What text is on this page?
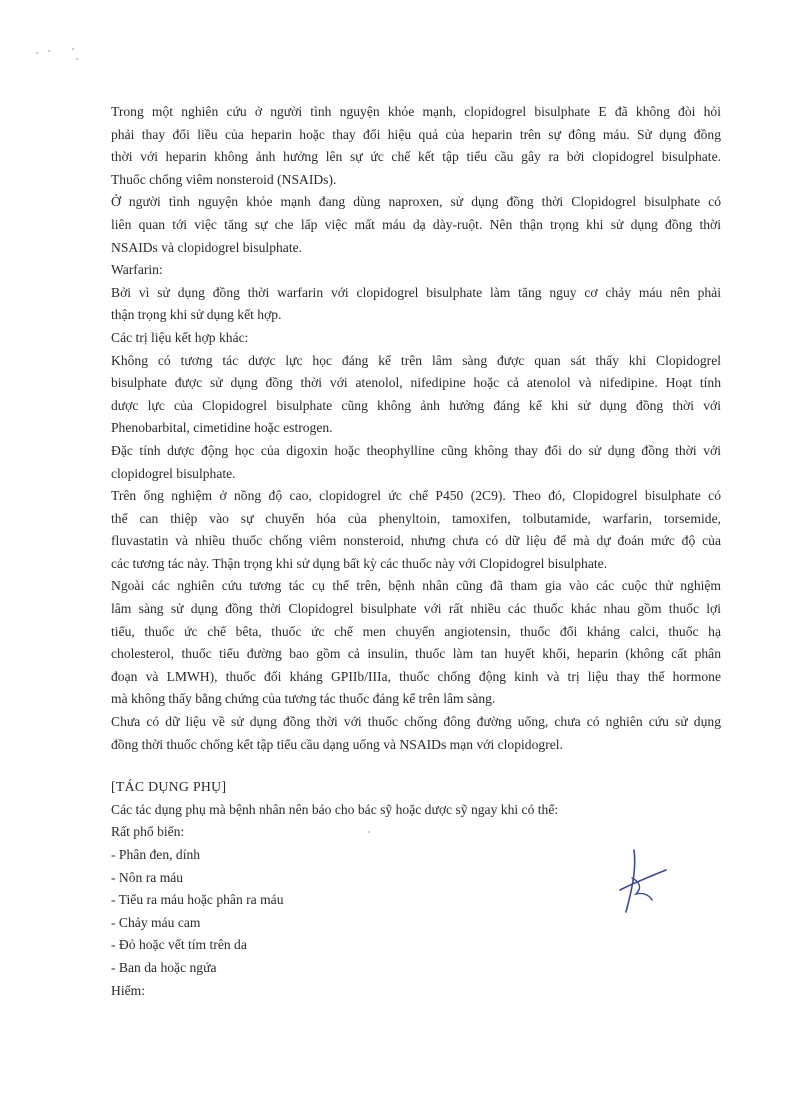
Trong một nghiên cứu ở người tình nguyện khỏe mạnh, clopidogrel bisulphate E đã không đòi hỏi
phải thay đổi liều của heparin hoặc thay đổi hiệu quả của heparin trên sự đông máu. Sử dụng đồng
thời với heparin không ảnh hưởng lên sự ức chế kết tập tiểu cầu gây ra bởi clopidogrel bisulphate.
Thuốc chống viêm nonsteroid (NSAIDs).
Ở người tình nguyện khỏe mạnh đang dùng naproxen, sử dụng đồng thời Clopidogrel bisulphate có
liên quan tới việc tăng sự che lấp việc mất máu dạ dày-ruột. Nên thận trọng khi sử dụng đồng thời
NSAIDs và clopidogrel bisulphate.
Warfarin:
Bởi vì sử dụng đồng thời warfarin với clopidogrel bisulphate làm tăng nguy cơ chảy máu nên phải
thận trọng khi sử dụng kết hợp.
Các trị liệu kết hợp khác:
Không có tương tác dược lực học đáng kể trên lâm sàng được quan sát thấy khi Clopidogrel
bisulphate được sử dụng đồng thời với atenolol, nifedipine hoặc cả atenolol và nifedipine. Hoạt tính
dược lực của Clopidogrel bisulphate cũng không ảnh hưởng đáng kể khi sử dụng đồng thời với
Phenobarbital, cimetidine hoặc estrogen.
Đặc tính dược động học của digoxin hoặc theophylline cũng không thay đổi do sử dụng đồng thời với
clopidogrel bisulphate.
Trên ống nghiệm ở nồng độ cao, clopidogrel ức chế P450 (2C9). Theo đó, Clopidogrel bisulphate có
thể can thiệp vào sự chuyển hóa của phenyltoin, tamoxifen, tolbutamide, warfarin, torsemide,
fluvastatin và nhiều thuốc chống viêm nonsteroid, nhưng chưa có dữ liệu để mà dự đoán mức độ của
các tương tác này. Thận trọng khi sử dụng bất kỳ các thuốc này với Clopidogrel bisulphate.
Ngoài các nghiên cứu tương tác cụ thể trên, bệnh nhân cũng đã tham gia vào các cuộc thử nghiệm
lâm sàng sử dụng đồng thời Clopidogrel bisulphate với rất nhiều các thuốc khác nhau gồm thuốc lợi
tiểu, thuốc ức chế bêta, thuốc ức chế men chuyển angiotensin, thuốc đối kháng calci, thuốc hạ
cholesterol, thuốc tiểu đường bao gồm cả insulin, thuốc làm tan huyết khối, heparin (không cất phân
đoạn và LMWH), thuốc đối kháng GPIIb/IIIa, thuốc chống động kinh và trị liệu thay thế hormone
mà không thấy bằng chứng của tương tác thuốc đáng kể trên lâm sàng.
Chưa có dữ liệu về sử dụng đồng thời với thuốc chống đông đường uống, chưa có nghiên cứu sử dụng
đồng thời thuốc chống kết tập tiểu cầu dạng uống và NSAIDs mạn với clopidogrel.
[TÁC DỤNG PHỤ]
Các tác dụng phụ mà bệnh nhân nên báo cho bác sỹ hoặc dược sỹ ngay khi có thể:
Rất phổ biến:
- Phân đen, dính
- Nôn ra máu
- Tiểu ra máu hoặc phân ra máu
- Chảy máu cam
- Đỏ hoặc vết tím trên da
- Ban da hoặc ngứa
Hiếm:
